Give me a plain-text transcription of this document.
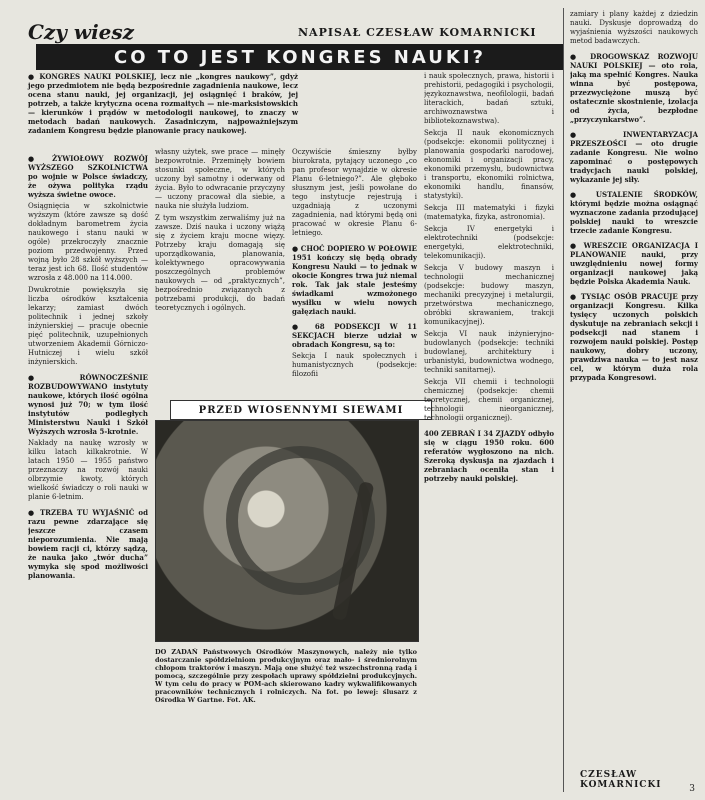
Czy wiesz	NAPISAŁ CZESŁAW KOMARNICKI
CO TO JEST KONGRES NAUKI?
● KONGRES NAUKI POLSKIEJ, lecz nie „kongres naukowy”, gdyż jego przedmiotem nie będą bezpośrednie zagadnienia naukowe, lecz ocena stanu nauki, jej organizacji, jej osiągnięć i braków, jej potrzeb, a także krytyczna ocena rozmaitych — nie-marksistowskich — kierunków i prądów w metodologii naukowej, to znaczy w metodach badań naukowych. Zasadniczym, najpoważniejszym zadaniem Kongresu będzie planowanie pracy naukowej.
● ŻYWIOŁOWY ROZWÓJ WYŻSZEGO SZKOLNICTWA po wojnie w Polsce świadczy, że ożywa polityka rządu wyższa świetne owoce.

Osiągnięcia w szkolnictwie wyższym (które zawsze są dość dokładnym barometrem życia naukowego i stanu nauki w ogóle) przekroczyły znacznie poziom przedwojenny. Przed wojną było 28 szkół wyższych — teraz jest ich 68. Ilość studentów wzrosła z 48.000 na 114.000.

Dwukrotnie powiększyła się liczba ośrodków kształcenia lekarzy; zamiast dwóch politechnik i jednej szkoły inżynierskiej — pracuje obecnie pięć politechnik, uzupełnionych utworzeniem Akademii Górniczo-Hutniczej i wielu szkół inżynierskich.

● RÓWNOCZEŚNIE ROZBUDOWYWANO instytuty naukowe, których ilość ogólna wynosi już 70; w tym ilość instytutów podległych Ministerstwu Nauki i Szkół Wyższych wzrosła 5-krotnie.

Nakłady na naukę wzrosły w kilku latach kilkakrotnie. W latach 1950 — 1955 państwo przeznaczy na rozwój nauki olbrzymie kwoty, których wielkość świadczy o roli nauki w planie 6-letnim.

● TRZEBA TU WYJAŚNIĆ od razu pewne zdarzające się jeszcze czasem nieporozumienia. Nie mają bowiem racji ci, którzy sądzą, że nauka jako „twór ducha” wymyka się spod możliwości planowania.

własny użytek, swe prace — minęły bezpowrotnie. Przeminęły bowiem stosunki społeczne, w których uczony był samotny i oderwany od życia. Było to odwracanie przyczyny — uczony pracował dla siebie, a nauka nie służyła ludziom.

Z tym wszystkim zerwaliśmy już na zawsze. Dziś nauka i uczony wiążą się z życiem kraju mocne więzy. Potrzeby kraju domagają się uporządkowania, planowania, kolektywnego opracowywania poszczególnych problemów naukowych — od „praktycznych”, bezpośrednio związanych z potrzebami produkcji, do badań teoretycznych i ogólnych.

Oczywiście śmieszny byłby biurokrata, pytający uczonego „co pan profesor wynajdzie w okresie Planu 6-letniego?”. Ale głęboko słusznym jest, jeśli powołane do tego instytucje rejestrują i uzgadniają z uczonymi zagadnienia, nad którymi będą oni pracować w okresie Planu 6-letniego.

● CHOĆ DOPIERO W POŁOWIE 1951 kończy się będą obrady Kongresu Nauki — to jednak w okocie Kongres trwa już niemal rok. Tak jak stale jesteśmy świadkami wzmożonego wysiłku w wielu nowych gałęziach nauki.
● 68 PODSEKCJI W 11 SEKCJACH bierze udział w obradach Kongresu, są to:

Sekcja I nauk społecznych i humanistycznych (podsekcje: filozofii

PRZED WIOSENNYMI SIEWAMI
DO ZADAŃ Państwowych Ośrodków Maszynowych, należy nie tylko dostarczanie spółdzielniom produkcyjnym oraz mało- i średniorolnym chłopom traktorów i maszyn. Mają one służyć też wszechstronną radą i pomocą, szczególnie przy zespołach uprawy spółdzielni produkcyjnych. W tym celu do pracy w POM-ach skierowano kadry wykwalifikowanych pracowników technicznych i rolniczych. Na fot. po lewej: ślusarz z Ośrodka W Gartne. Fot. AK.

i nauk społecznych, prawa, historii i prehistorii, pedagogiki i psychologii, językoznawstwa, neofilologii, badań literackich, badań sztuki, archiwoznawstwa i bibliotekoznawstwa).

Sekcja II nauk ekonomicznych (podsekcje: ekonomii politycznej i planowania gospodarki narodowej, ekonomiki i organizacji pracy, ekonomiki przemysłu, budownictwa i transportu, ekonomiki rolnictwa, ekonomiki handlu, finansów, statystyki).

Sekcja III matematyki i fizyki (matematyka, fizyka, astronomia).

Sekcja IV energetyki i elektrotechniki (podsekcje: energetyki, elektrotechniki, telekomunikacji).

Sekcja V budowy maszyn i technologii mechanicznej (podsekcje: budowy maszyn, mechaniki precyzyjnej i metalurgii, przetwórstwa mechanicznego, obróbki skrawaniem, trakcji komunikacyjnej).

Sekcja VI nauk inżynieryjno-budowlanych (podsekcje: techniki budowlanej, architektury i urbanistyki, budownictwa wodnego, techniki sanitarnej).

Sekcja VII chemii i technologii chemicznej (podsekcje: chemii teoretycznej, chemii organicznej, technologii nieorganicznej, technologii organicznej).

400 ZEBRAŃ I 34 ZJAZDY odbyło się w ciągu 1950 roku. 600 referatów wygłoszono na nich. Szeroką dyskusja na zjazdach i zebraniach oceniła stan i potrzeby nauki polskiej.

zamiary i plany każdej z dziedzin nauki. Dyskusje doprowadzą do wyjaśnienia wyższości naukowych metod badawczych.

● DROGOWSKAZ ROZWOJU NAUKI POLSKIEJ — oto rola, jaką ma spełnić Kongres. Nauka winna być postępowa, przezwyciężone muszą być ostatecznie skostnienie, izolacja od życia, bezpłodne „przyczynkarstwo”.
● INWENTARYZACJA PRZESZŁOŚCI — oto drugie zadanie Kongresu. Nie wolno zapominać o postępowych tradycjach nauki polskiej, wykazanie jej siły.
● USTALENIE ŚRODKÓW, którymi będzie można osiągnąć wyznaczone zadania przodującej polskiej nauki to wreszcie trzecie zadanie Kongresu.
● WRESZCIE ORGANIZACJA I PLANOWANIE nauki, przy uwzględnieniu nowej formy organizacji naukowej jaką będzie Polska Akademia Nauk.
● TYSIĄC OSÓB PRACUJE przy organizacji Kongresu. Kilka tysięcy uczonych polskich dyskutuje na zebraniach sekcji i podsekcji nad stanem i rozwojem nauki polskiej. Postęp naukowy, dobry uczony, prawdziwa nauka — to jest nasz cel, w którym duża rola przypada Kongresowi.
CZESŁAW KOMARNICKI	3
